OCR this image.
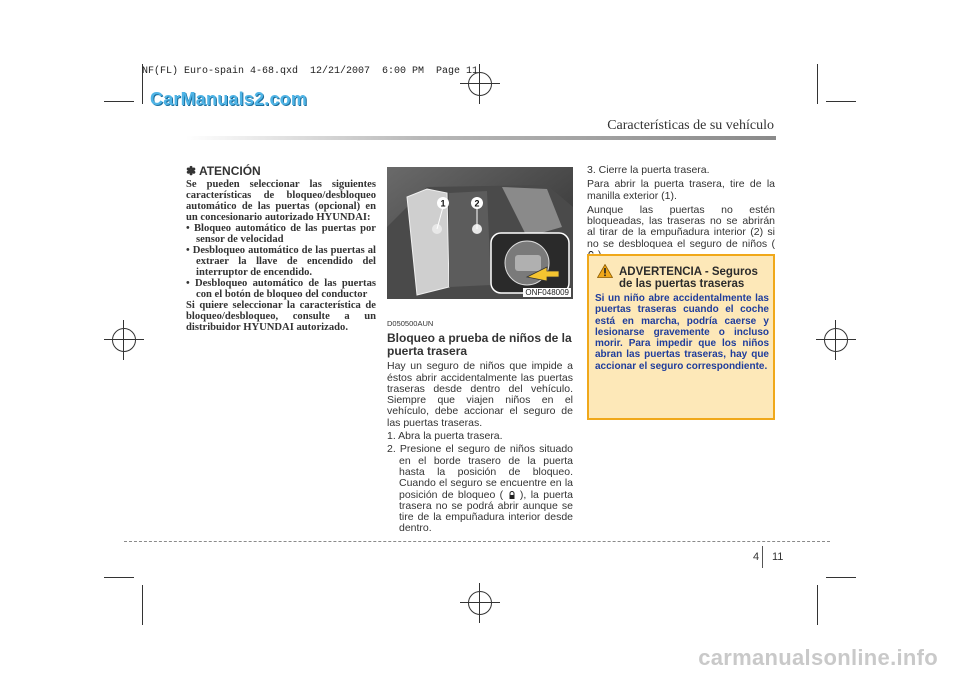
NF(FL) Euro-spain 4-68.qxd  12/21/2007  6:00 PM  Page 11
CarManuals2.com
Características de su vehículo
✽ ATENCIÓN

Se pueden seleccionar las siguientes características de bloqueo/desbloqueo automático de las puertas (opcional) en un concesionario autorizado HYUNDAI:

• Bloqueo automático de las puertas por sensor de velocidad
• Desbloqueo automático de las puertas al extraer la llave de encendido del interruptor de encendido.
• Desbloqueo automático de las puertas con el botón de bloqueo del conductor

Si quiere seleccionar la característica de bloqueo/desbloqueo, consulte a un distribuidor HYUNDAI autorizado.

1	2
ONF048009
D050500AUN
Bloqueo a prueba de niños de la puerta trasera

Hay un seguro de niños que impide a éstos abrir accidentalmente las puertas traseras desde dentro del vehículo. Siempre que viajen niños en el vehículo, debe accionar el seguro de las puertas traseras.

1. Abra la puerta trasera.
2. Presione el seguro de niños situado en el borde trasero de la puerta hasta la posición de bloqueo. Cuando el seguro se encuentre en la posición de bloqueo ( ), la puerta trasera no se podrá abrir aunque se tire de la empuñadura interior desde dentro.

3. Cierre la puerta trasera.

Para abrir la puerta trasera, tire de la manilla exterior (1).

Aunque las puertas no estén bloqueadas, las traseras no se abrirán al tirar de la empuñadura interior (2) si no se desbloquea el seguro de niños (

ADVERTENCIA - Seguros de las puertas traseras
Si un niño abre accidentalmente las puertas traseras cuando el coche está en marcha, podría caerse y lesionarse gravemente o incluso morir. Para impedir que los niños abran las puertas traseras, hay que accionar el seguro correspondiente.
4 11
carmanualsonline.info
